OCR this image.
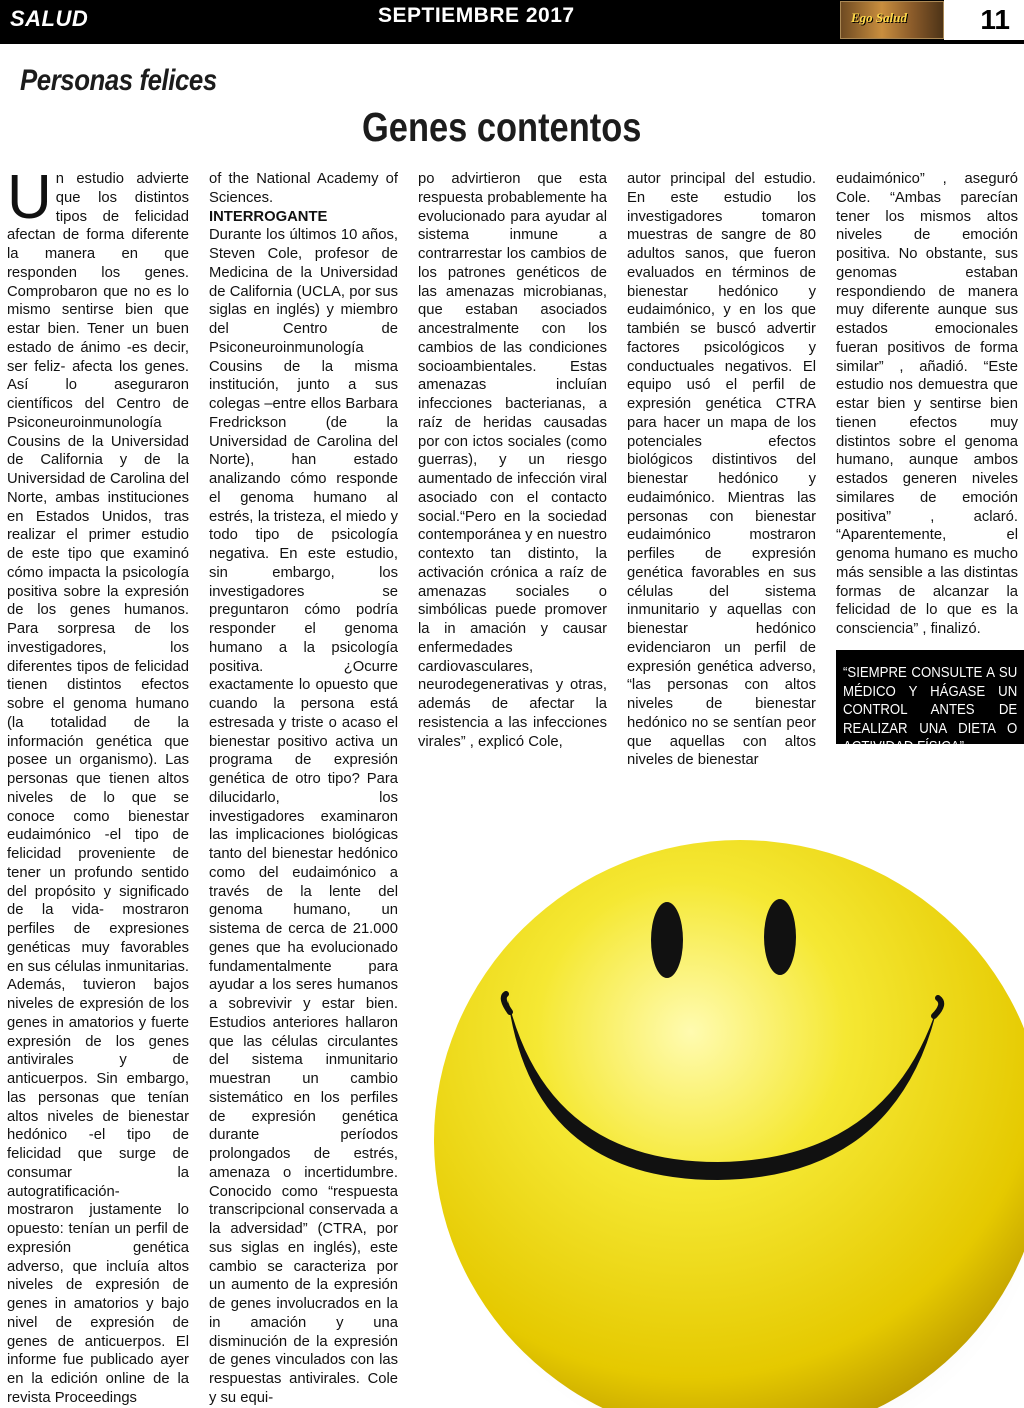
SALUD	SEPTIEMBRE 2017	Ego Salud	11
Personas felices
Genes contentos
U n estudio advierte que los distintos tipos de felicidad afectan de forma diferente la manera en que responden los genes. Comprobaron que no es lo mismo sentirse bien que estar bien. Tener un buen estado de ánimo -es decir, ser feliz- afecta los genes. Así lo aseguraron científicos del Centro de Psiconeuroinmunología Cousins de la Universidad de California y de la Universidad de Carolina del Norte, ambas instituciones en Estados Unidos, tras realizar el primer estudio de este tipo que examinó cómo impacta la psicología positiva sobre la expresión de los genes humanos. Para sorpresa de los investigadores, los diferentes tipos de felicidad tienen distintos efectos sobre el genoma humano (la totalidad de la información genética que posee un organismo). Las personas que tienen altos niveles de lo que se conoce como bienestar eudaimónico -el tipo de felicidad proveniente de tener un profundo sentido del propósito y significado de la vida- mostraron perfiles de expresiones genéticas muy favorables en sus células inmunitarias. Además, tuvieron bajos niveles de expresión de los genes in amatorios y fuerte expresión de los genes antivirales y de anticuerpos. Sin embargo, las personas que tenían altos niveles de bienestar hedónico -el tipo de felicidad que surge de consumar la autogratificación- mostraron justamente lo opuesto: tenían un perfil de expresión genética adverso, que incluía altos niveles de expresión de genes in amatorios y bajo nivel de expresión de genes de anticuerpos. El informe fue publicado ayer en la edición online de la revista Proceedings

of the National Academy of Sciences.

INTERROGANTE

Durante los últimos 10 años, Steven Cole, profesor de Medicina de la Universidad de California (UCLA, por sus siglas en inglés) y miembro del Centro de Psiconeuroinmunología Cousins de la misma institución, junto a sus colegas –entre ellos Barbara Fredrickson (de la Universidad de Carolina del Norte), han estado analizando cómo responde el genoma humano al estrés, la tristeza, el miedo y todo tipo de psicología negativa. En este estudio, sin embargo, los investigadores se preguntaron cómo podría responder el genoma humano a la psicología positiva. ¿Ocurre exactamente lo opuesto que cuando la persona está estresada y triste o acaso el bienestar positivo activa un programa de expresión genética de otro tipo? Para dilucidarlo, los investigadores examinaron las implicaciones biológicas tanto del bienestar hedónico como del eudaimónico a través de la lente del genoma humano, un sistema de cerca de 21.000 genes que ha evolucionado fundamentalmente para ayudar a los seres humanos a sobrevivir y estar bien. Estudios anteriores hallaron que las células circulantes del sistema inmunitario muestran un cambio sistemático en los perfiles de expresión genética durante períodos prolongados de estrés, amenaza o incertidumbre. Conocido como “respuesta transcripcional conservada a la adversidad” (CTRA, por sus siglas en inglés), este cambio se caracteriza por un aumento de la expresión de genes involucrados en la in amación y una disminución de la expresión de genes vinculados con las respuestas antivirales. Cole y su equi-

po advirtieron que esta respuesta probablemente ha evolucionado para ayudar al sistema inmune a contrarrestar los cambios de los patrones genéticos de las amenazas microbianas, que estaban asociados ancestralmente con los cambios de las condiciones socioambientales. Estas amenazas incluían infecciones bacterianas, a raíz de heridas causadas por con ictos sociales (como guerras), y un riesgo aumentado de infección viral asociado con el contacto social.“Pero en la sociedad contemporánea y en nuestro contexto tan distinto, la activación crónica a raíz de amenazas sociales o simbólicas puede promover la in amación y causar enfermedades cardiovasculares, neurodegenerativas y otras, además de afectar la resistencia a las infecciones virales” , explicó Cole,

autor principal del estudio. En este estudio los investigadores tomaron muestras de sangre de 80 adultos sanos, que fueron evaluados en términos de bienestar hedónico y eudaimónico, y en los que también se buscó advertir factores psicológicos y conductuales negativos. El equipo usó el perfil de expresión genética CTRA para hacer un mapa de los potenciales efectos biológicos distintivos del bienestar hedónico y eudaimónico. Mientras las personas con bienestar eudaimónico mostraron perfiles de expresión genética favorables en sus células del sistema inmunitario y aquellas con bienestar hedónico evidenciaron un perfil de expresión genética adverso, “las personas con altos niveles de bienestar hedónico no se sentían peor que aquellas con altos niveles de bienestar

eudaimónico” , aseguró Cole. “Ambas parecían tener los mismos altos niveles de emoción positiva. No obstante, sus genomas estaban respondiendo de manera muy diferente aunque sus estados emocionales fueran positivos de forma similar” , añadió. “Este estudio nos demuestra que estar bien y sentirse bien tienen efectos muy distintos sobre el genoma humano, aunque ambos estados generen niveles similares de emoción positiva” , aclaró. “Aparentemente, el genoma humano es mucho más sensible a las distintas formas de alcanzar la felicidad de lo que es la consciencia” , finalizó.

“SIEMPRE CONSULTE A SU MÉDICO Y HÁGASE UN CONTROL ANTES DE REALIZAR UNA DIETA O ACTIVIDAD FÍSICA”
